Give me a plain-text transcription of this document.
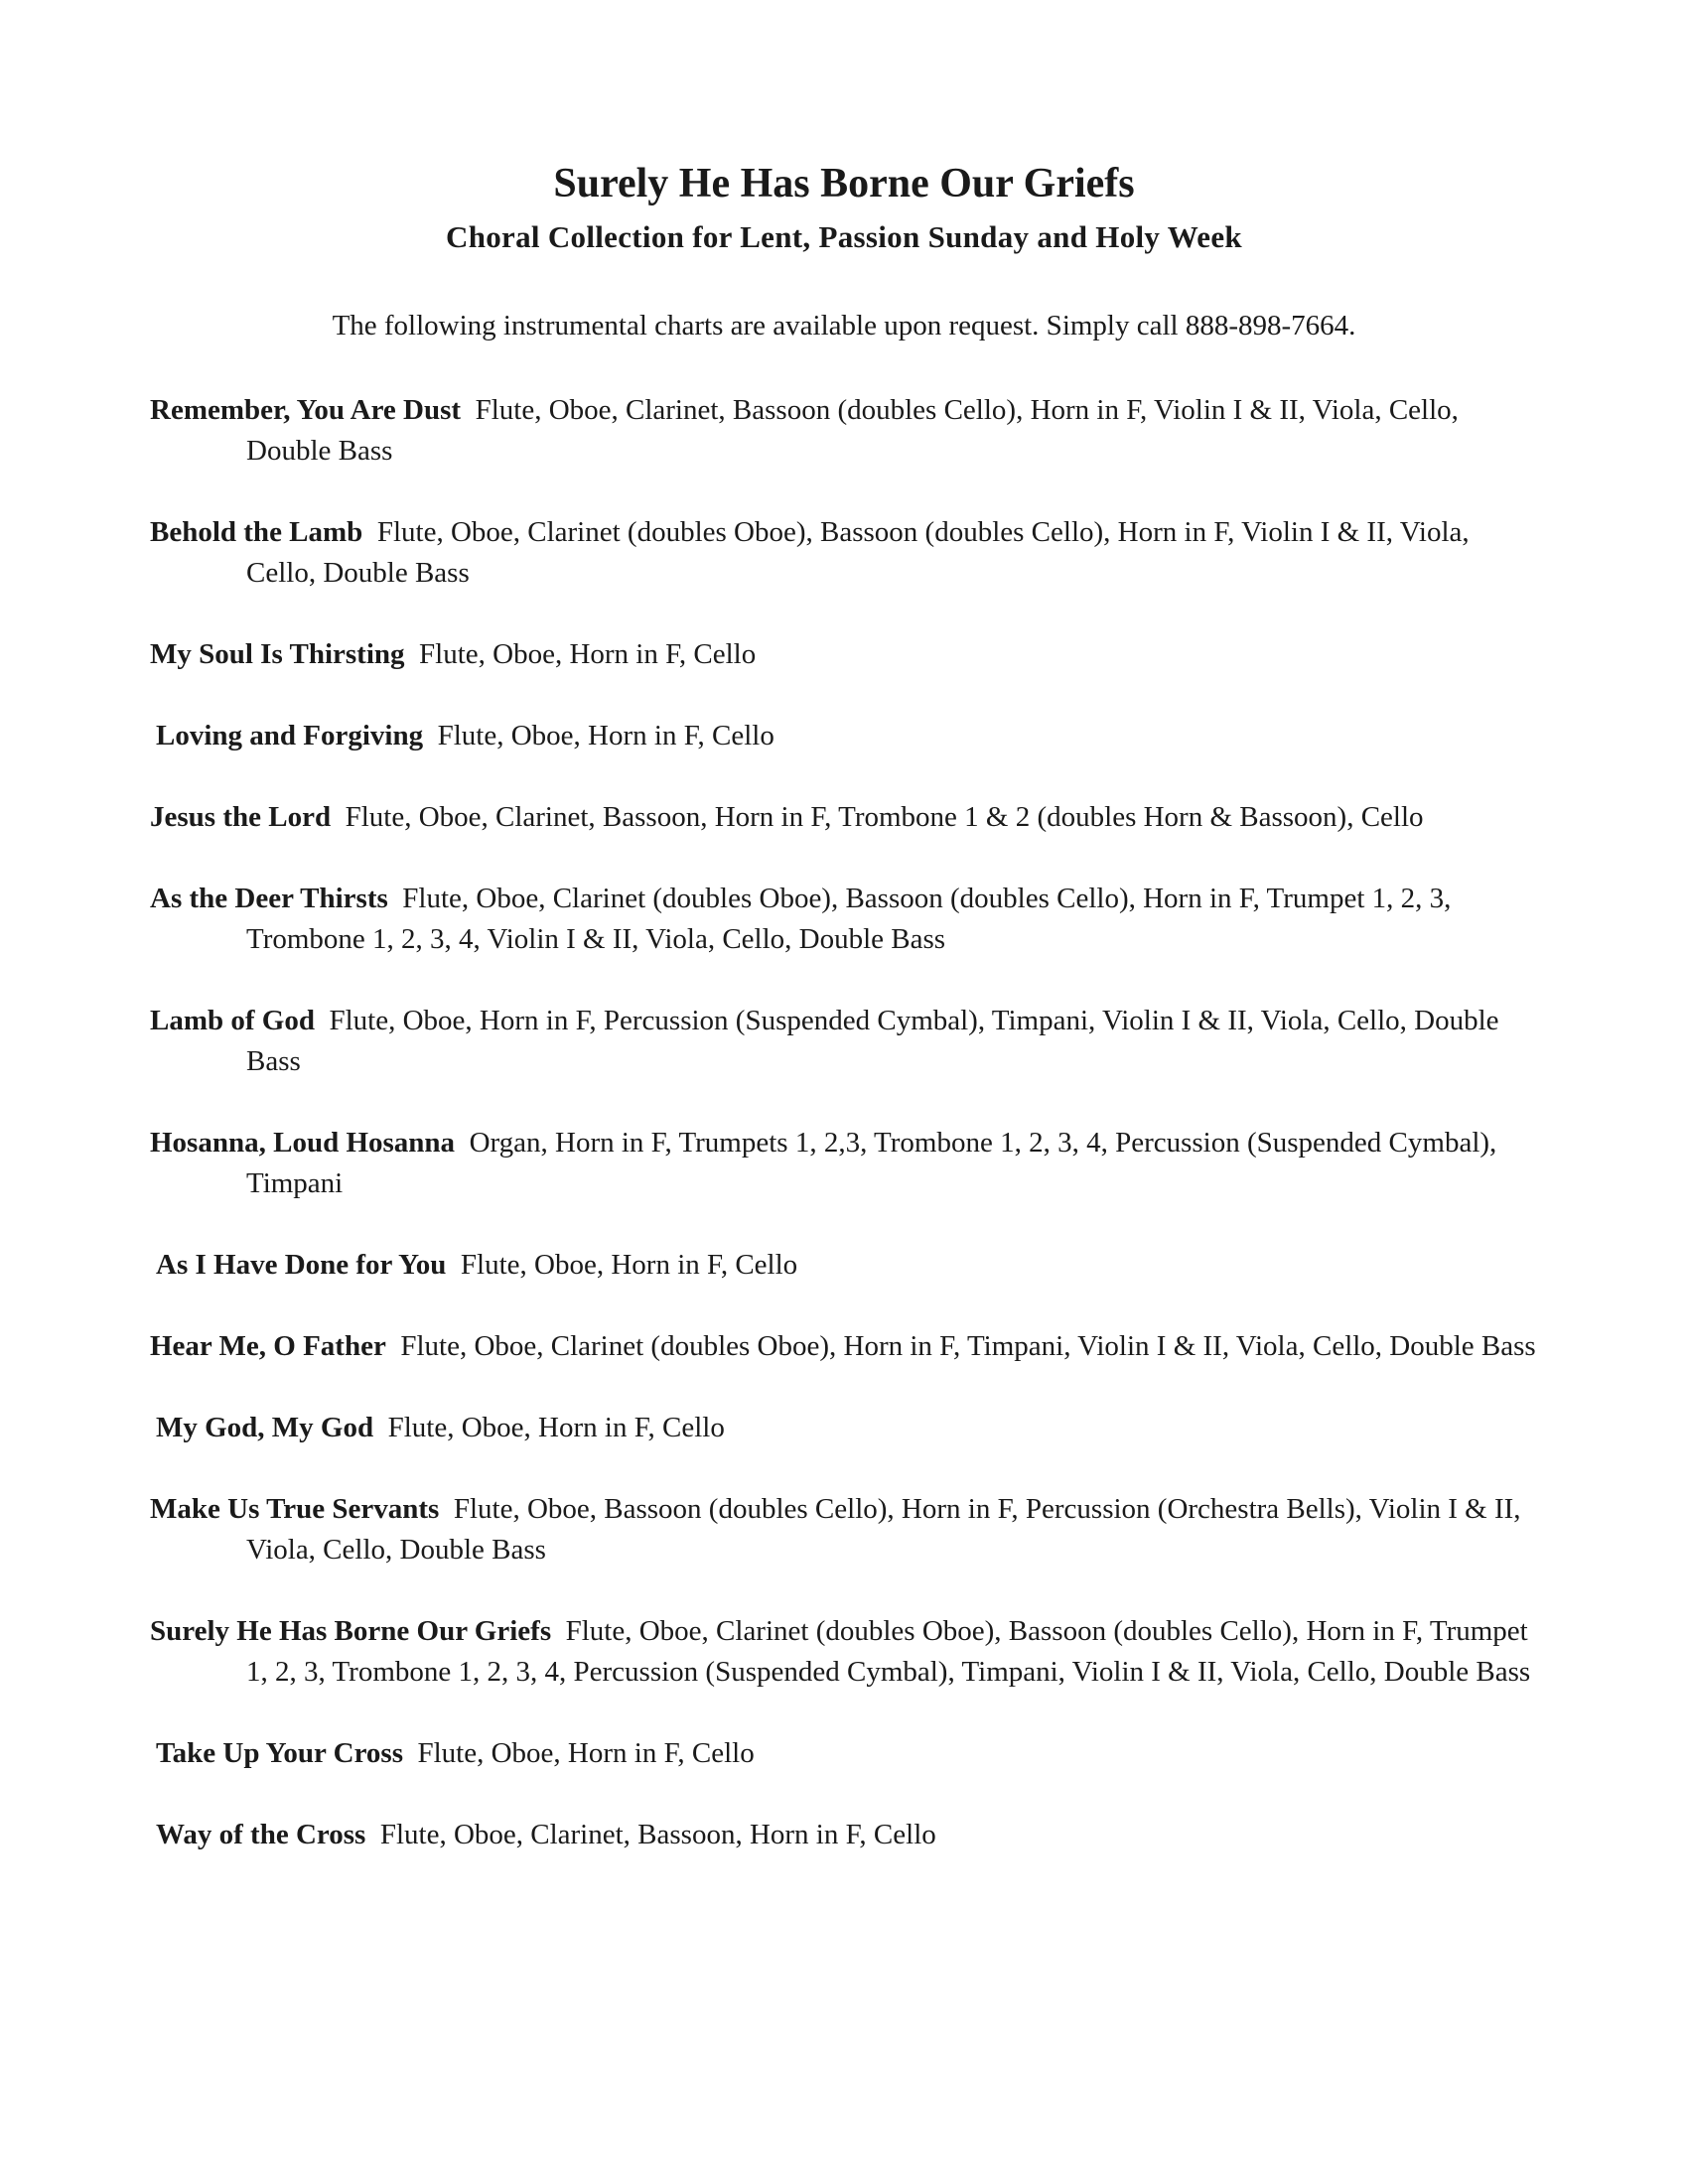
Surely He Has Borne Our Griefs
Choral Collection for Lent, Passion Sunday and Holy Week

The following instrumental charts are available upon request. Simply call 888-898-7664.

Remember, You Are Dust Flute, Oboe, Clarinet, Bassoon (doubles Cello), Horn in F, Violin I & II, Viola, Cello, Double Bass
Behold the Lamb Flute, Oboe, Clarinet (doubles Oboe), Bassoon (doubles Cello), Horn in F, Violin I & II, Viola, Cello, Double Bass
My Soul Is Thirsting Flute, Oboe, Horn in F, Cello
Loving and Forgiving Flute, Oboe, Horn in F, Cello
Jesus the Lord Flute, Oboe, Clarinet, Bassoon, Horn in F, Trombone 1 & 2 (doubles Horn & Bassoon), Cello
As the Deer Thirsts Flute, Oboe, Clarinet (doubles Oboe), Bassoon (doubles Cello), Horn in F, Trumpet 1, 2, 3, Trombone 1, 2, 3, 4, Violin I & II, Viola, Cello, Double Bass
Lamb of God Flute, Oboe, Horn in F, Percussion (Suspended Cymbal), Timpani, Violin I & II, Viola, Cello, Double Bass
Hosanna, Loud Hosanna Organ, Horn in F, Trumpets 1, 2,3, Trombone 1, 2, 3, 4, Percussion (Suspended Cymbal), Timpani
As I Have Done for You Flute, Oboe, Horn in F, Cello
Hear Me, O Father Flute, Oboe, Clarinet (doubles Oboe), Horn in F, Timpani, Violin I & II, Viola, Cello, Double Bass
My God, My God Flute, Oboe, Horn in F, Cello
Make Us True Servants Flute, Oboe, Bassoon (doubles Cello), Horn in F, Percussion (Orchestra Bells), Violin I & II, Viola, Cello, Double Bass
Surely He Has Borne Our Griefs Flute, Oboe, Clarinet (doubles Oboe), Bassoon (doubles Cello), Horn in F, Trumpet 1, 2, 3, Trombone 1, 2, 3, 4, Percussion (Suspended Cymbal), Timpani, Violin I & II, Viola, Cello, Double Bass
Take Up Your Cross Flute, Oboe, Horn in F, Cello
Way of the Cross Flute, Oboe, Clarinet, Bassoon, Horn in F, Cello
